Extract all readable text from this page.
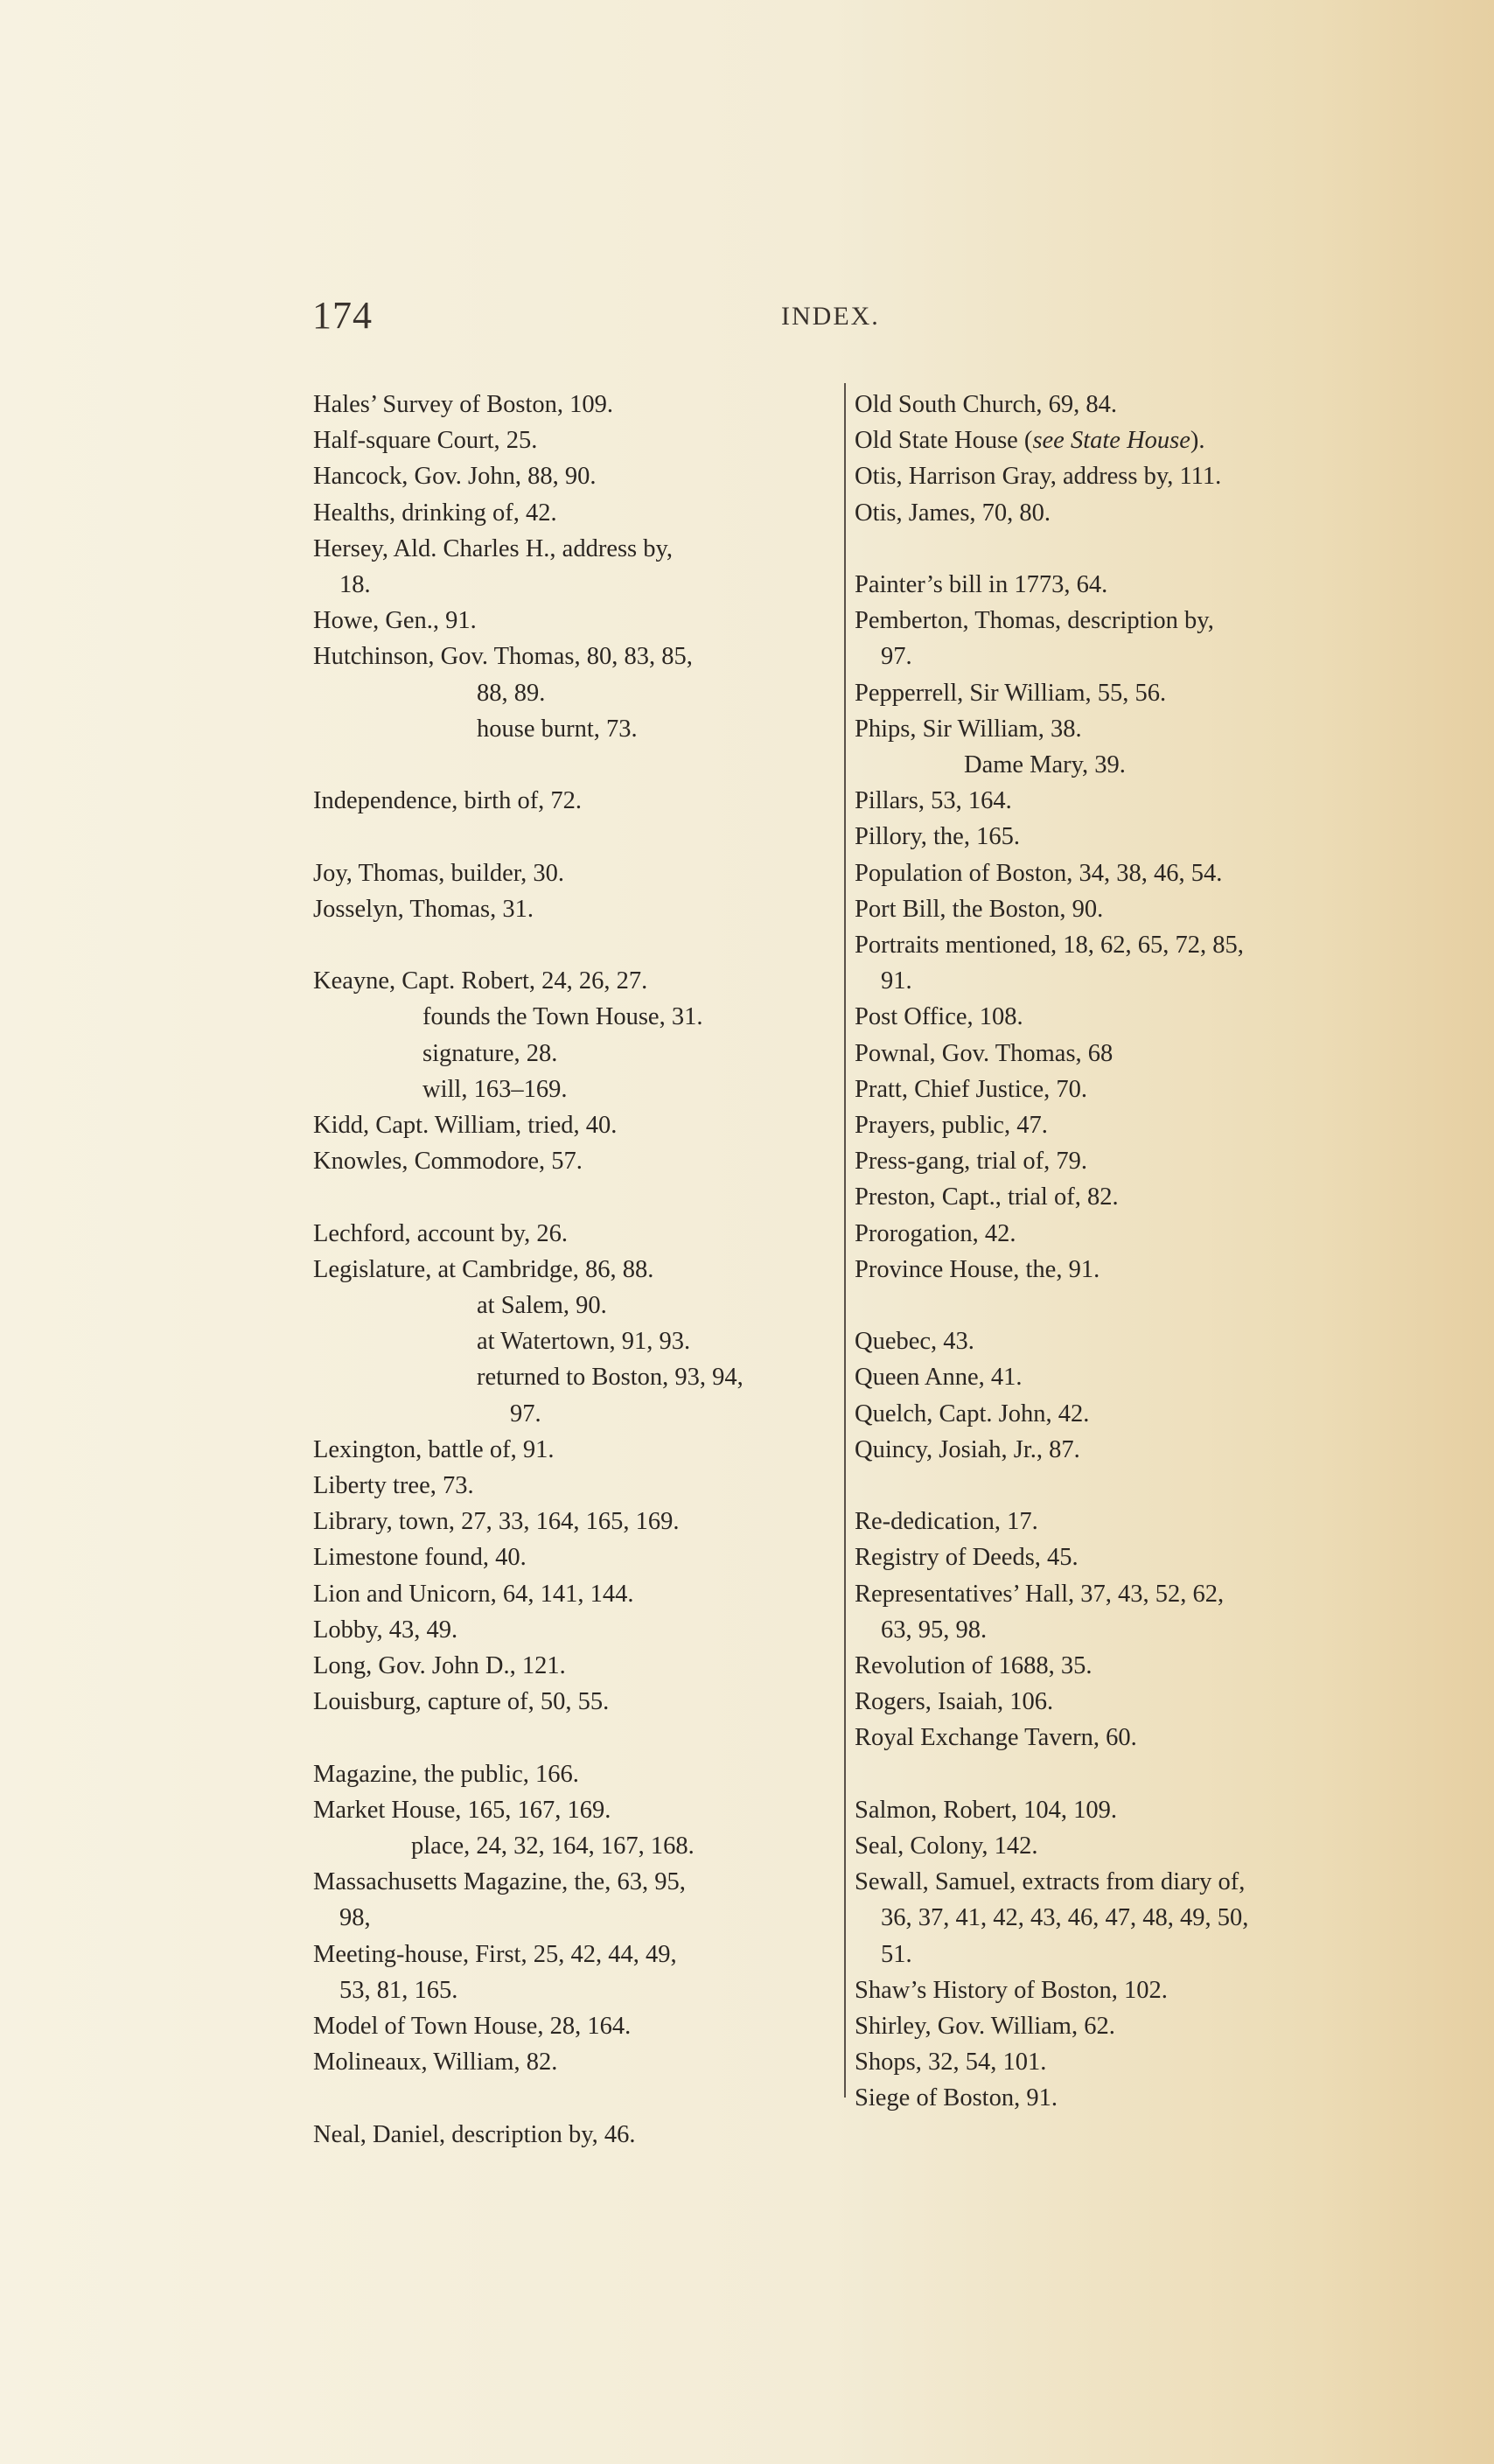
174	INDEX.
Hales’ Survey of Boston, 109.
Half-square Court, 25.
Hancock, Gov. John, 88, 90.
Healths, drinking of, 42.
Hersey, Ald. Charles H., address by,
18.
Howe, Gen., 91.
Hutchinson, Gov. Thomas, 80, 83, 85,
88, 89.
house burnt, 73.
Independence, birth of, 72.
Joy, Thomas, builder, 30.
Josselyn, Thomas, 31.
Keayne, Capt. Robert, 24, 26, 27.
founds the Town House, 31.
signature, 28.
will, 163–169.
Kidd, Capt. William, tried, 40.
Knowles, Commodore, 57.
Lechford, account by, 26.
Legislature, at Cambridge, 86, 88.
at Salem, 90.
at Watertown, 91, 93.
returned to Boston, 93, 94,
97.
Lexington, battle of, 91.
Liberty tree, 73.
Library, town, 27, 33, 164, 165, 169.
Limestone found, 40.
Lion and Unicorn, 64, 141, 144.
Lobby, 43, 49.
Long, Gov. John D., 121.
Louisburg, capture of, 50, 55.
Magazine, the public, 166.
Market House, 165, 167, 169.
place, 24, 32, 164, 167, 168.
Massachusetts Magazine, the, 63, 95,
98,
Meeting-house, First, 25, 42, 44, 49,
53, 81, 165.
Model of Town House, 28, 164.
Molineaux, William, 82.
Neal, Daniel, description by, 46.
Old South Church, 69, 84.
Old State House (see State House).
Otis, Harrison Gray, address by, 111.
Otis, James, 70, 80.
Painter’s bill in 1773, 64.
Pemberton, Thomas, description by,
97.
Pepperrell, Sir William, 55, 56.
Phips, Sir William, 38.
Dame Mary, 39.
Pillars, 53, 164.
Pillory, the, 165.
Population of Boston, 34, 38, 46, 54.
Port Bill, the Boston, 90.
Portraits mentioned, 18, 62, 65, 72, 85,
91.
Post Office, 108.
Pownal, Gov. Thomas, 68
Pratt, Chief Justice, 70.
Prayers, public, 47.
Press-gang, trial of, 79.
Preston, Capt., trial of, 82.
Prorogation, 42.
Province House, the, 91.
Quebec, 43.
Queen Anne, 41.
Quelch, Capt. John, 42.
Quincy, Josiah, Jr., 87.
Re-dedication, 17.
Registry of Deeds, 45.
Representatives’ Hall, 37, 43, 52, 62,
63, 95, 98.
Revolution of 1688, 35.
Rogers, Isaiah, 106.
Royal Exchange Tavern, 60.
Salmon, Robert, 104, 109.
Seal, Colony, 142.
Sewall, Samuel, extracts from diary of,
36, 37, 41, 42, 43, 46, 47, 48, 49, 50,
51.
Shaw’s History of Boston, 102.
Shirley, Gov. William, 62.
Shops, 32, 54, 101.
Siege of Boston, 91.
